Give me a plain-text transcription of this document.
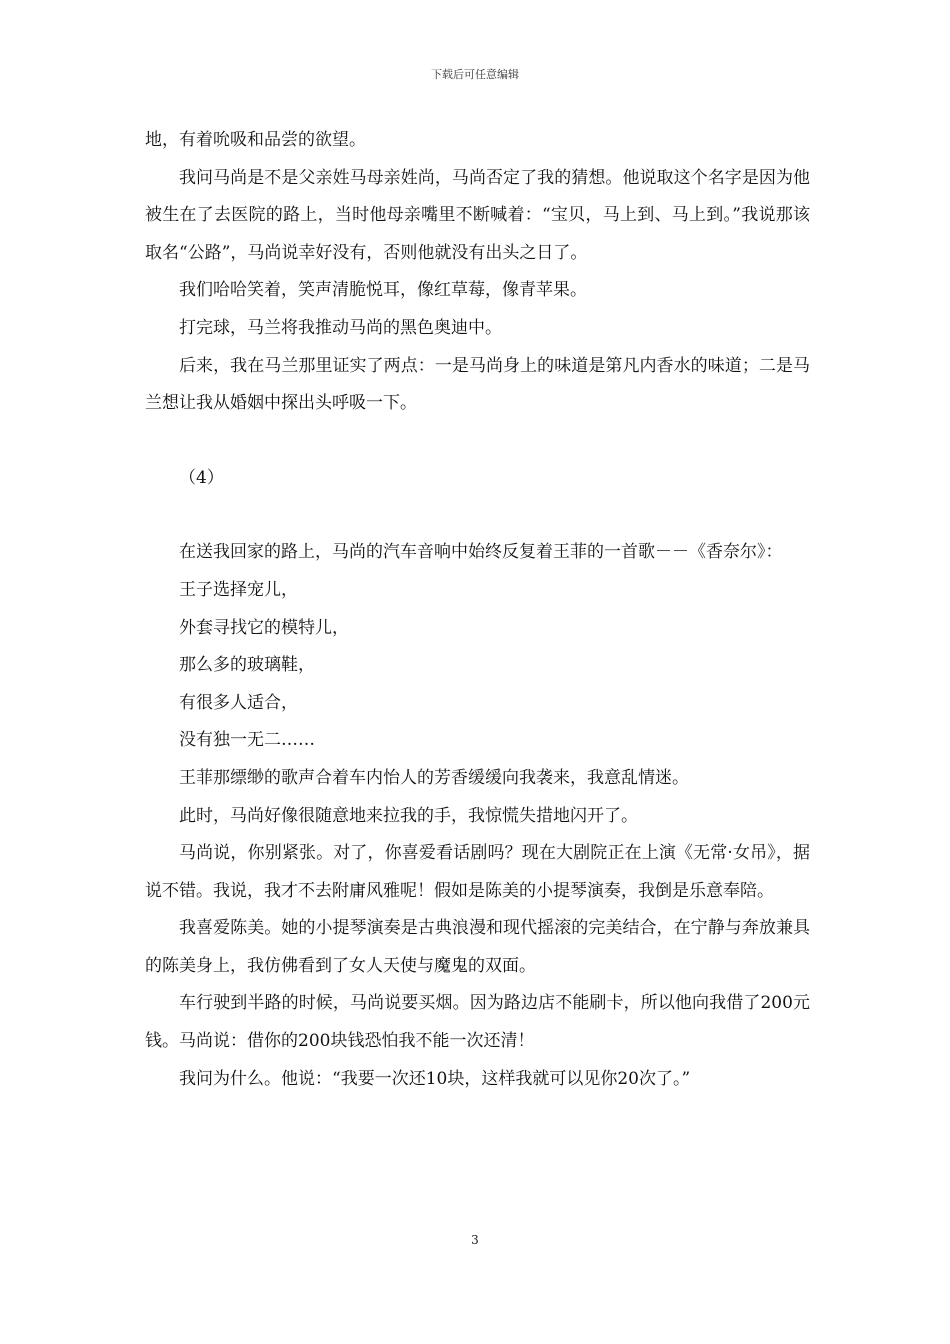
下载后可任意编辑

地，有着吮吸和品尝的欲望。

我问马尚是不是父亲姓马母亲姓尚，马尚否定了我的猜想。他说取这个名字是因为他被生在了去医院的路上，当时他母亲嘴里不断喊着：“宝贝，马上到、马上到。”我说那该取名“公路”，马尚说幸好没有，否则他就没有出头之日了。

我们哈哈笑着，笑声清脆悦耳，像红草莓，像青苹果。

打完球，马兰将我推动马尚的黑色奥迪中。

后来，我在马兰那里证实了两点：一是马尚身上的味道是第凡内香水的味道；二是马兰想让我从婚姻中探出头呼吸一下。

（4）

在送我回家的路上，马尚的汽车音响中始终反复着王菲的一首歌－－《香奈尔》：

王子选择宠儿，

外套寻找它的模特儿，

那么多的玻璃鞋，

有很多人适合，

没有独一无二……

王菲那缥缈的歌声合着车内怡人的芳香缓缓向我袭来，我意乱情迷。

此时，马尚好像很随意地来拉我的手，我惊慌失措地闪开了。

马尚说，你别紧张。对了，你喜爱看话剧吗？现在大剧院正在上演《无常·女吊》，据说不错。我说，我才不去附庸风雅呢！假如是陈美的小提琴演奏，我倒是乐意奉陪。

我喜爱陈美。她的小提琴演奏是古典浪漫和现代摇滚的完美结合，在宁静与奔放兼具的陈美身上，我仿佛看到了女人天使与魔鬼的双面。

车行驶到半路的时候，马尚说要买烟。因为路边店不能刷卡，所以他向我借了200元钱。马尚说：借你的200块钱恐怕我不能一次还清！

我问为什么。他说：“我要一次还10块，这样我就可以见你20次了。”

3
